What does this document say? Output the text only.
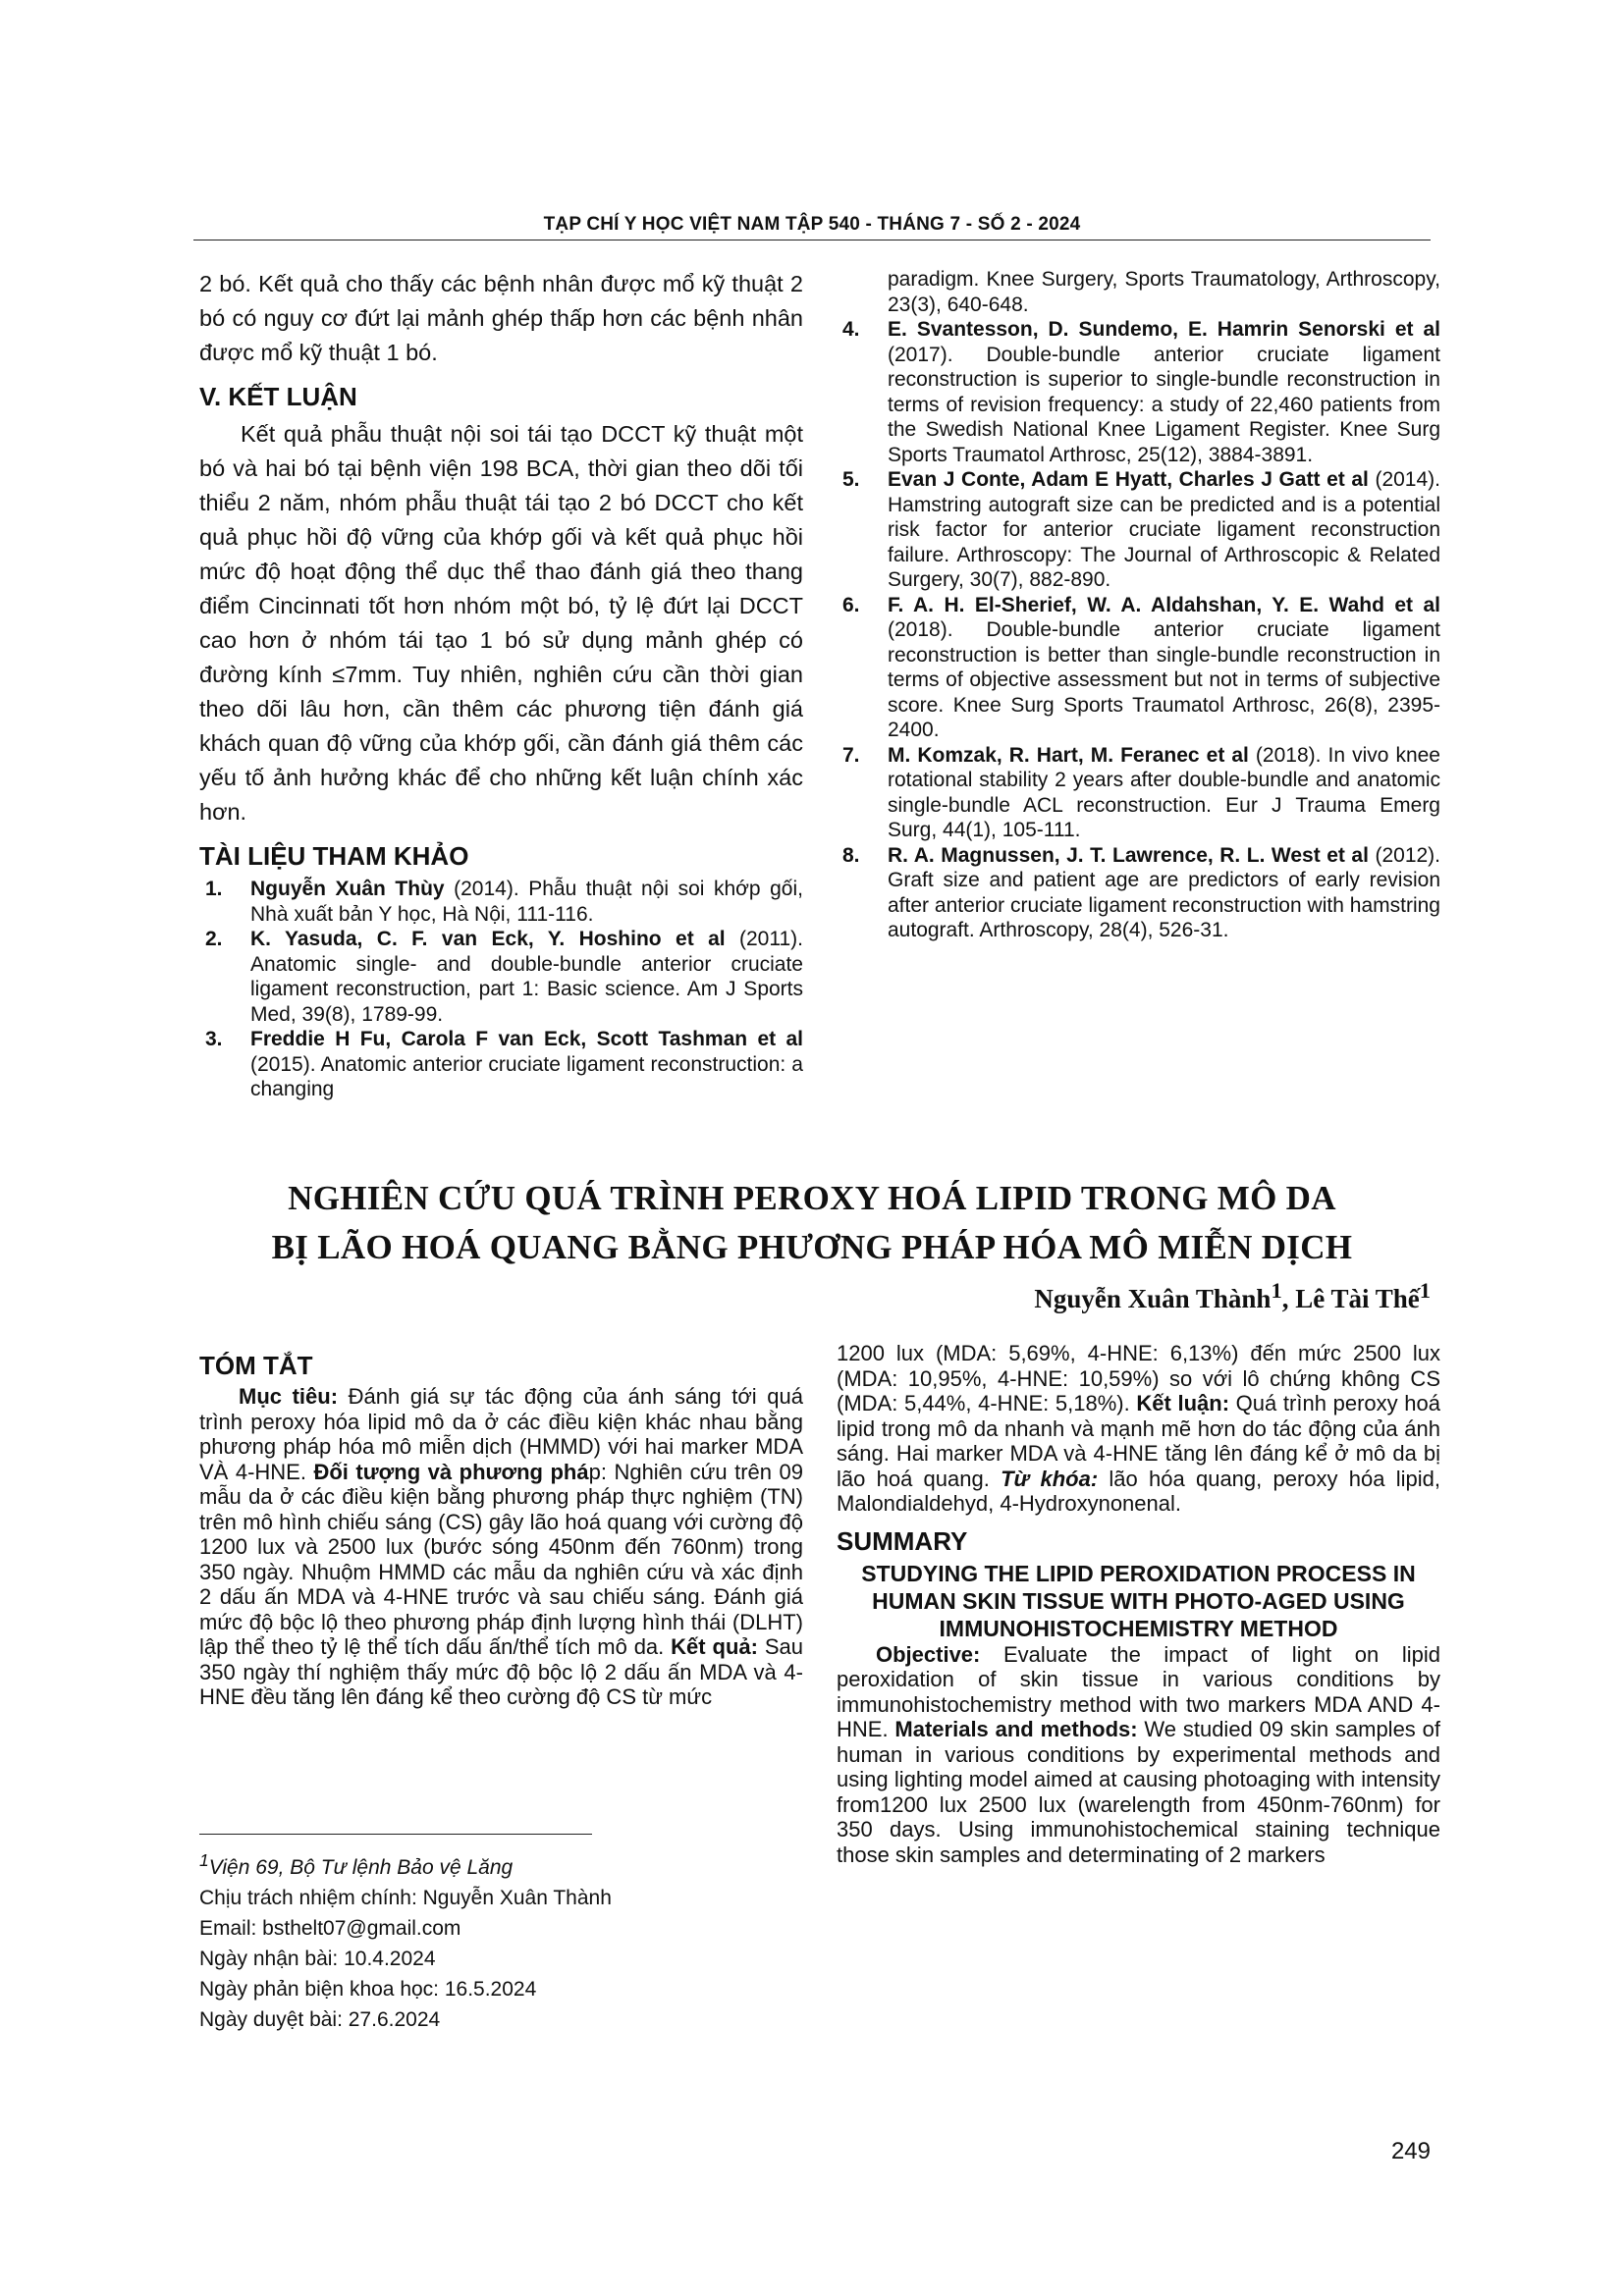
TẠP CHÍ Y HỌC VIỆT NAM TẬP 540 - THÁNG 7 - SỐ 2 - 2024

2 bó. Kết quả cho thấy các bệnh nhân được mổ kỹ thuật 2 bó có nguy cơ đứt lại mảnh ghép thấp hơn các bệnh nhân được mổ kỹ thuật 1 bó.

V. KẾT LUẬN

Kết quả phẫu thuật nội soi tái tạo DCCT kỹ thuật một bó và hai bó tại bệnh viện 198 BCA, thời gian theo dõi tối thiểu 2 năm, nhóm phẫu thuật tái tạo 2 bó DCCT cho kết quả phục hồi độ vững của khớp gối và kết quả phục hồi mức độ hoạt động thể dục thể thao đánh giá theo thang điểm Cincinnati tốt hơn nhóm một bó, tỷ lệ đứt lại DCCT cao hơn ở nhóm tái tạo 1 bó sử dụng mảnh ghép có đường kính ≤7mm. Tuy nhiên, nghiên cứu cần thời gian theo dõi lâu hơn, cần thêm các phương tiện đánh giá khách quan độ vững của khớp gối, cần đánh giá thêm các yếu tố ảnh hưởng khác để cho những kết luận chính xác hơn.

TÀI LIỆU THAM KHẢO
1. Nguyễn Xuân Thùy (2014). Phẫu thuật nội soi khớp gối, Nhà xuất bản Y học, Hà Nội, 111-116.
2. K. Yasuda, C. F. van Eck, Y. Hoshino et al (2011). Anatomic single- and double-bundle anterior cruciate ligament reconstruction, part 1: Basic science. Am J Sports Med, 39(8), 1789-99.
3. Freddie H Fu, Carola F van Eck, Scott Tashman et al (2015). Anatomic anterior cruciate ligament reconstruction: a changing

paradigm. Knee Surgery, Sports Traumatology, Arthroscopy, 23(3), 640-648.

4. E. Svantesson, D. Sundemo, E. Hamrin Senorski et al (2017). Double-bundle anterior cruciate ligament reconstruction is superior to single-bundle reconstruction in terms of revision frequency: a study of 22,460 patients from the Swedish National Knee Ligament Register. Knee Surg Sports Traumatol Arthrosc, 25(12), 3884-3891.
5. Evan J Conte, Adam E Hyatt, Charles J Gatt et al (2014). Hamstring autograft size can be predicted and is a potential risk factor for anterior cruciate ligament reconstruction failure. Arthroscopy: The Journal of Arthroscopic & Related Surgery, 30(7), 882-890.
6. F. A. H. El-Sherief, W. A. Aldahshan, Y. E. Wahd et al (2018). Double-bundle anterior cruciate ligament reconstruction is better than single-bundle reconstruction in terms of objective assessment but not in terms of subjective score. Knee Surg Sports Traumatol Arthrosc, 26(8), 2395-2400.
7. M. Komzak, R. Hart, M. Feranec et al (2018). In vivo knee rotational stability 2 years after double-bundle and anatomic single-bundle ACL reconstruction. Eur J Trauma Emerg Surg, 44(1), 105-111.
8. R. A. Magnussen, J. T. Lawrence, R. L. West et al (2012). Graft size and patient age are predictors of early revision after anterior cruciate ligament reconstruction with hamstring autograft. Arthroscopy, 28(4), 526-31.
NGHIÊN CỨU QUÁ TRÌNH PEROXY HOÁ LIPID TRONG MÔ DA
BỊ LÃO HOÁ QUANG BẰNG PHƯƠNG PHÁP HÓA MÔ MIỄN DỊCH
Nguyễn Xuân Thành$^1$, Lê Tài Thế$^1$
TÓM TẮT

Mục tiêu: Đánh giá sự tác động của ánh sáng tới quá trình peroxy hóa lipid mô da ở các điều kiện khác nhau bằng phương pháp hóa mô miễn dịch (HMMD) với hai marker MDA VÀ 4-HNE. Đối tượng và phương pháp: Nghiên cứu trên 09 mẫu da ở các điều kiện bằng phương pháp thực nghiệm (TN) trên mô hình chiếu sáng (CS) gây lão hoá quang với cường độ 1200 lux và 2500 lux (bước sóng 450nm đến 760nm) trong 350 ngày. Nhuộm HMMD các mẫu da nghiên cứu và xác định 2 dấu ấn MDA và 4-HNE trước và sau chiếu sáng. Đánh giá mức độ bộc lộ theo phương pháp định lượng hình thái (DLHT) lập thể theo tỷ lệ thể tích dấu ấn/thể tích mô da. Kết quả: Sau 350 ngày thí nghiệm thấy mức độ bộc lộ 2 dấu ấn MDA và 4-HNE đều tăng lên đáng kể theo cường độ CS từ mức

$^1$Viện 69, Bộ Tư lệnh Bảo vệ Lăng

Chịu trách nhiệm chính: Nguyễn Xuân Thành

Email: bsthelt07@gmail.com

Ngày nhận bài: 10.4.2024

Ngày phản biện khoa học: 16.5.2024

Ngày duyệt bài: 27.6.2024

1200 lux (MDA: 5,69%, 4-HNE: 6,13%) đến mức 2500 lux (MDA: 10,95%, 4-HNE: 10,59%) so với lô chứng không CS (MDA: 5,44%, 4-HNE: 5,18%). Kết luận: Quá trình peroxy hoá lipid trong mô da nhanh và mạnh mẽ hơn do tác động của ánh sáng. Hai marker MDA và 4-HNE tăng lên đáng kể ở mô da bị lão hoá quang. Từ khóa: lão hóa quang, peroxy hóa lipid, Malondialdehyd, 4-Hydroxynonenal.

SUMMARY

STUDYING THE LIPID PEROXIDATION PROCESS IN HUMAN SKIN TISSUE WITH PHOTO-AGED USING IMMUNOHISTOCHEMISTRY METHOD

Objective: Evaluate the impact of light on lipid peroxidation of skin tissue in various conditions by immunohistochemistry method with two markers MDA AND 4-HNE. Materials and methods: We studied 09 skin samples of human in various conditions by experimental methods and using lighting model aimed at causing photoaging with intensity from1200 lux 2500 lux (warelength from 450nm-760nm) for 350 days. Using immunohistochemical staining technique those skin samples and determinating of 2 markers

249
